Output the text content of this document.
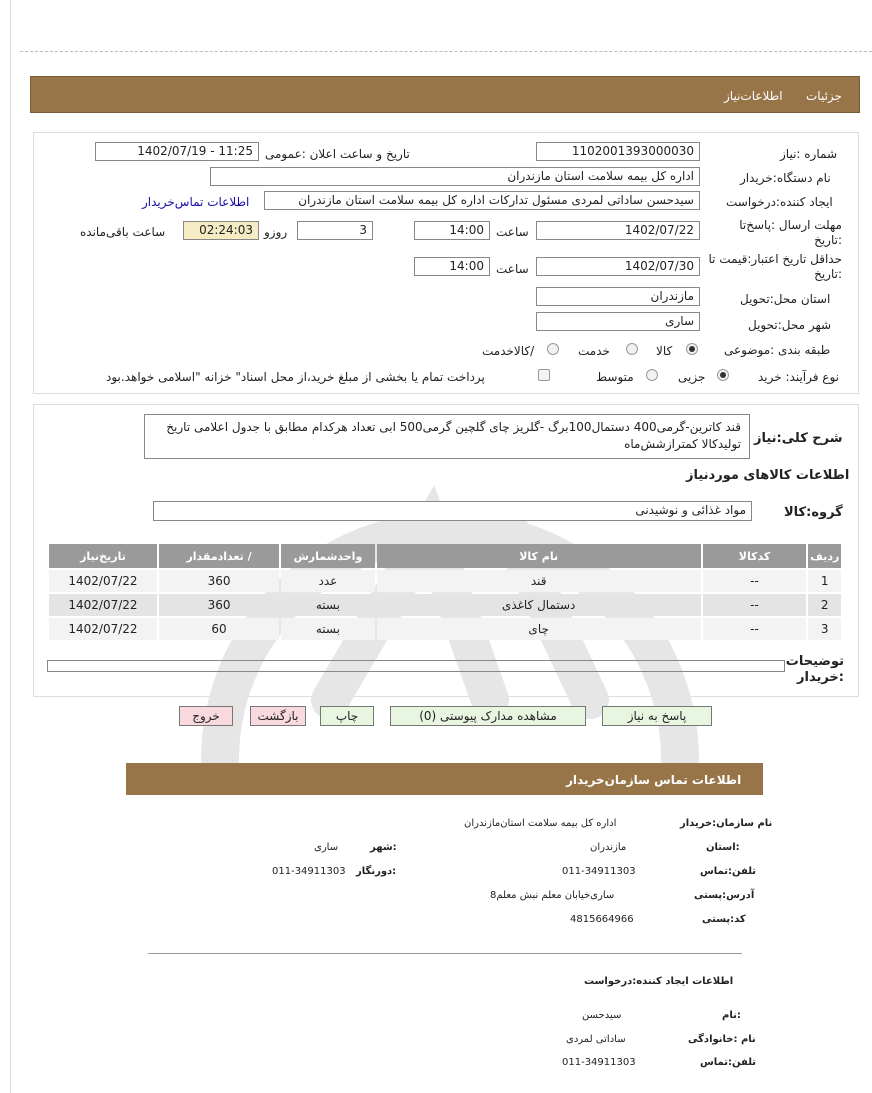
جزئیات
اطلاعات‌نیاز
شماره :نیاز
1102001393000030
تاریخ و ساعت اعلان :عمومی
1402/07/19 - 11:25
نام دستگاه:خریدار
اداره کل بیمه سلامت استان مازندران
ایجاد کننده:درخواست
سیدحسن ساداتی لمردی مسئول تدارکات اداره کل بیمه سلامت استان مازندران
اطلاعات تماس‌خریدار
مهلت ارسال :پاسخ‌تا :تاریخ
1402/07/22
ساعت
14:00
3
روزو
02:24:03
ساعت باقی‌مانده
حداقل تاریخ اعتبار:قیمت تا :تاریخ
1402/07/30
ساعت
14:00
استان محل:تحویل
مازندران
شهر محل:تحویل
ساری
طبقه بندی :موضوعی
کالا
خدمت
/کالاخدمت
نوع فرآیند: خرید
جزیی
متوسط
پرداخت تمام یا بخشی از مبلغ خرید،از محل اسناد" خزانه "اسلامی خواهد.بود
شرح کلی:نیاز
قند کاترین-گرمی400 دستمال100برگ -گلریز چای گلچین گرمی500 ابی تعداد هرکدام مطابق با جدول اعلامی تاریخ تولیدکالا کمترازشش‌ماه
اطلاعات کالاهای موردنیاز
گروه:کالا
مواد غذائی و نوشیدنی
ردیف	کدکالا	نام کالا	واحدشمارش	/ تعدادمقدار	تاریخ‌نیاز
1	--	قند	عدد	360	1402/07/22
2	--	دستمال کاغذی	بسته	360	1402/07/22
3	--	چای	بسته	60	1402/07/22
توضیحات :خریدار
پاسخ به نیاز
مشاهده مدارک پیوستی (0)
چاپ
بازگشت
خروج
اطلاعات تماس سازمان‌خریدار
نام سازمان:خریدار
اداره کل بیمه سلامت استان‌مازندران
:استان
مازندران
:شهر
ساری
تلفن:تماس
011-34911303
:دورنگار
011-34911303
آدرس:پستی
ساری‌خیابان معلم نبش معلم8
کد:پستی
4815664966
اطلاعات ایجاد کننده:درخواست
:نام
سیدحسن
نام :خانوادگی
ساداتی لمردی
تلفن:تماس
011-34911303
